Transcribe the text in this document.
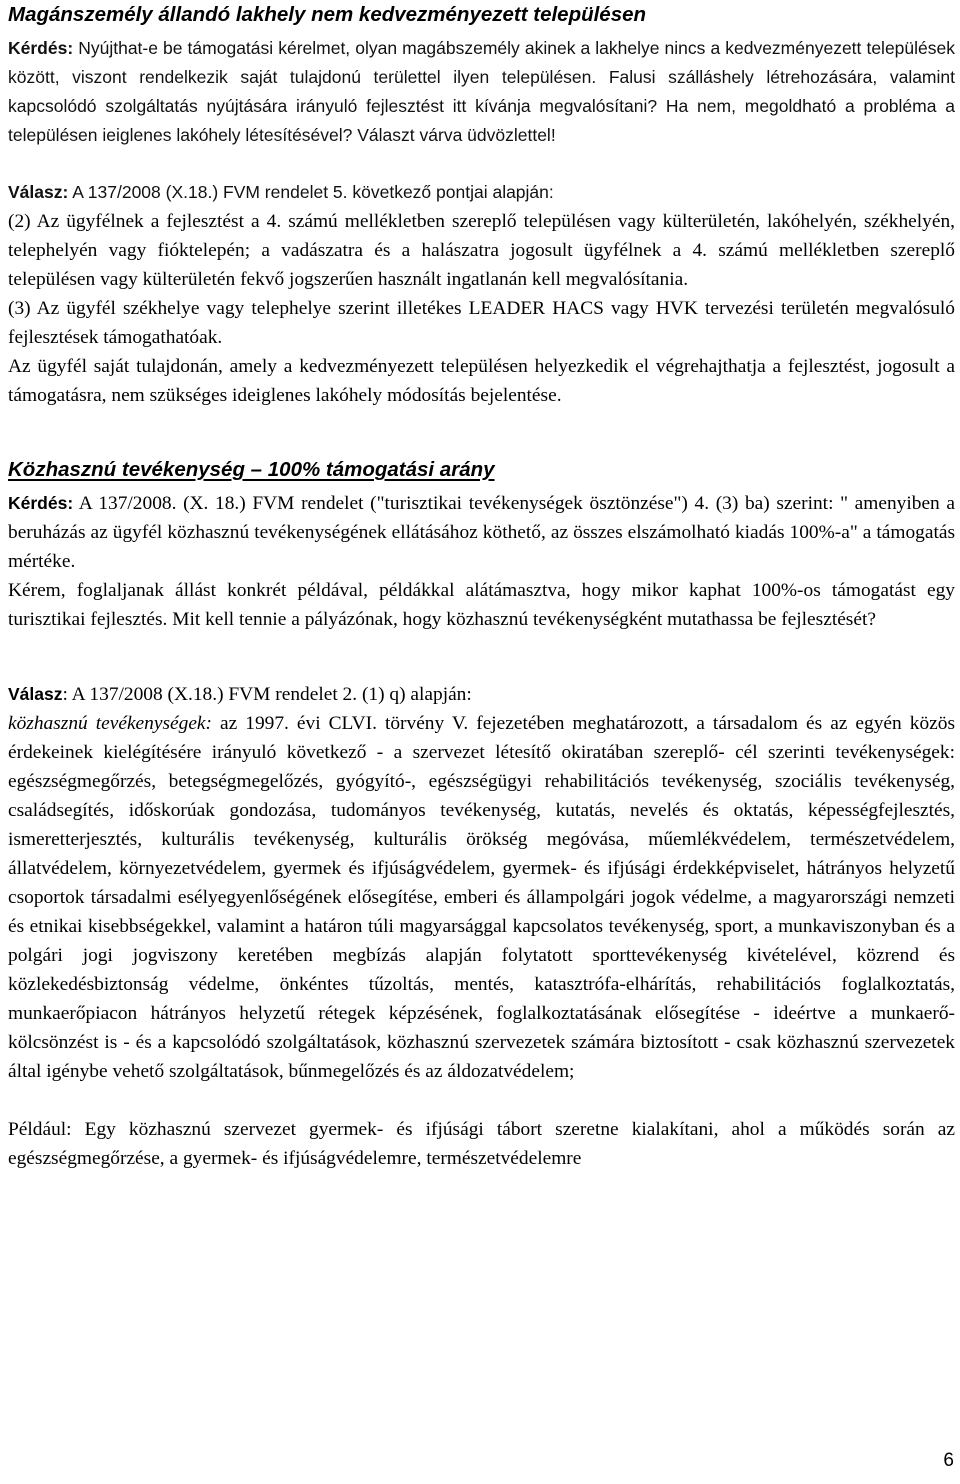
Magánszemély állandó lakhely nem kedvezményezett településen

Kérdés: Nyújthat-e be támogatási kérelmet, olyan magábszemély akinek a lakhelye nincs a kedvezményezett települések között, viszont rendelkezik saját tulajdonú területtel ilyen településen. Falusi szálláshely létrehozására, valamint kapcsolódó szolgáltatás nyújtására irányuló fejlesztést itt kívánja megvalósítani? Ha nem, megoldható a probléma a településen ieiglenes lakóhely létesítésével? Választ várva üdvözlettel!

Válasz: A 137/2008 (X.18.) FVM rendelet 5. következő pontjai alapján:

(2) Az ügyfélnek a fejlesztést a 4. számú mellékletben szereplő településen vagy külterületén, lakóhelyén, székhelyén, telephelyén vagy fióktelepén; a vadászatra és a halászatra jogosult ügyfélnek a 4. számú mellékletben szereplő településen vagy külterületén fekvő jogszerűen használt ingatlanán kell megvalósítania.

(3) Az ügyfél székhelye vagy telephelye szerint illetékes LEADER HACS vagy HVK tervezési területén megvalósuló fejlesztések támogathatóak.

Az ügyfél saját tulajdonán, amely a kedvezményezett településen helyezkedik el végrehajthatja a fejlesztést, jogosult a támogatásra, nem szükséges ideiglenes lakóhely módosítás bejelentése.

Közhasznú tevékenység – 100% támogatási arány

Kérdés: A 137/2008. (X. 18.) FVM rendelet ("turisztikai tevékenységek ösztönzése") 4. (3) ba) szerint: " amenyiben a beruházás az ügyfél közhasznú tevékenységének ellátásához köthető, az összes elszámolható kiadás 100%-a" a támogatás mértéke.

Kérem, foglaljanak állást konkrét példával, példákkal alátámasztva, hogy mikor kaphat 100%-os támogatást egy turisztikai fejlesztés. Mit kell tennie a pályázónak, hogy közhasznú tevékenységként mutathassa be fejlesztését?

Válasz: A 137/2008 (X.18.) FVM rendelet 2. (1) q) alapján:

közhasznú tevékenységek: az 1997. évi CLVI. törvény V. fejezetében meghatározott, a társadalom és az egyén közös érdekeinek kielégítésére irányuló következő - a szervezet létesítő okiratában szereplő- cél szerinti tevékenységek: egészségmegőrzés, betegségmegelőzés, gyógyító-, egészségügyi rehabilitációs tevékenység, szociális tevékenység, családsegítés, időskorúak gondozása, tudományos tevékenység, kutatás, nevelés és oktatás, képességfejlesztés, ismeretterjesztés, kulturális tevékenység, kulturális örökség megóvása, műemlékvédelem, természetvédelem, állatvédelem, környezetvédelem, gyermek és ifjúságvédelem, gyermek- és ifjúsági érdekképviselet, hátrányos helyzetű csoportok társadalmi esélyegyenlőségének elősegítése, emberi és állampolgári jogok védelme, a magyarországi nemzeti és etnikai kisebbségekkel, valamint a határon túli magyarsággal kapcsolatos tevékenység, sport, a munkaviszonyban és a polgári jogi jogviszony keretében megbízás alapján folytatott sporttevékenység kivételével, közrend és közlekedésbiztonság védelme, önkéntes tűzoltás, mentés, katasztrófa-elhárítás, rehabilitációs foglalkoztatás, munkaerőpiacon hátrányos helyzetű rétegek képzésének, foglalkoztatásának elősegítése - ideértve a munkaerő-kölcsönzést is - és a kapcsolódó szolgáltatások, közhasznú szervezetek számára biztosított - csak közhasznú szervezetek által igénybe vehető szolgáltatások, bűnmegelőzés és az áldozatvédelem;

Például: Egy közhasznú szervezet gyermek- és ifjúsági tábort szeretne kialakítani, ahol a működés során az egészségmegőrzése, a gyermek- és ifjúságvédelemre, természetvédelemre

6
